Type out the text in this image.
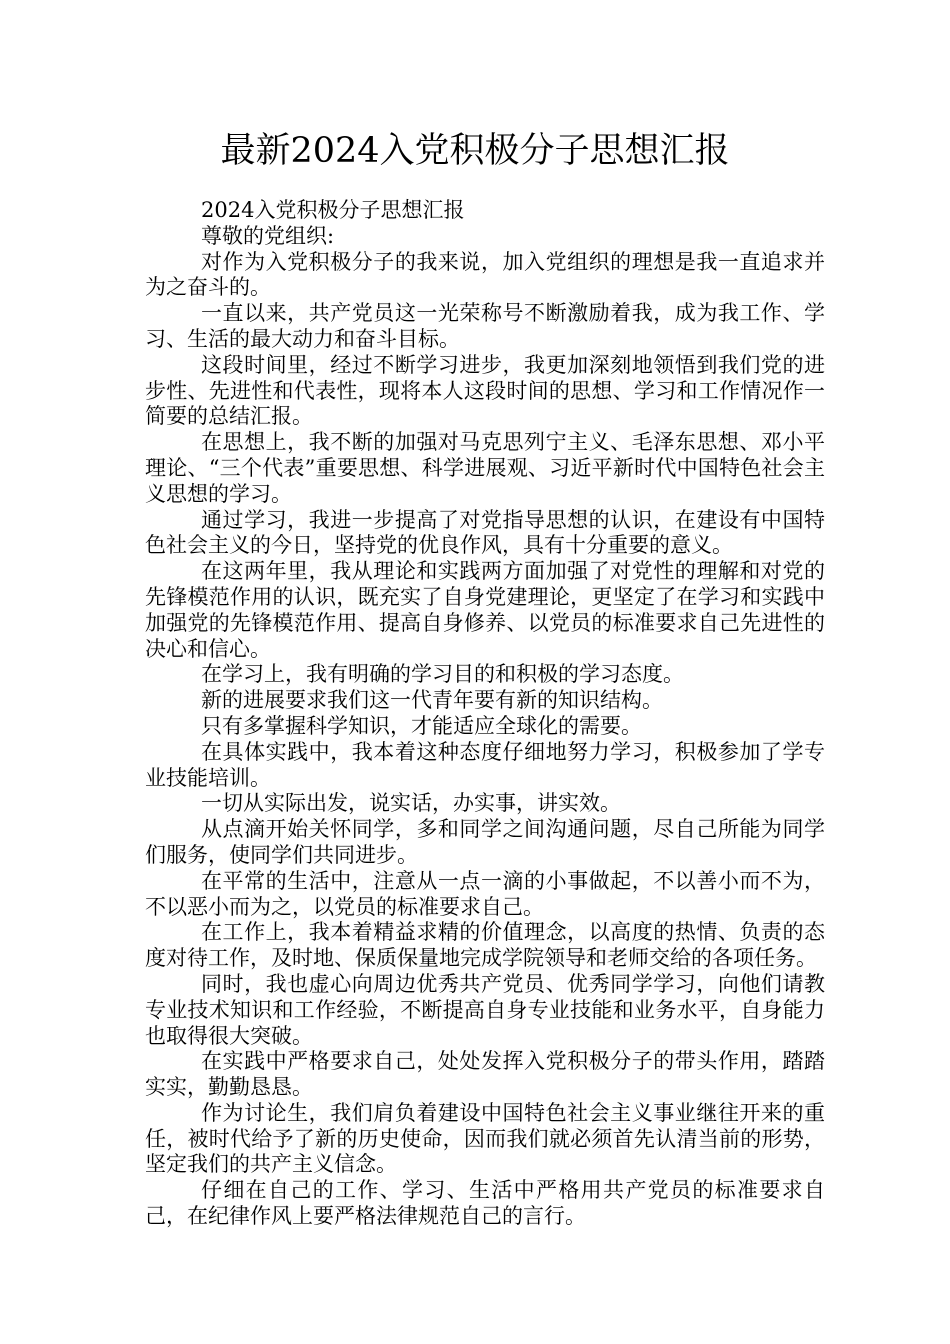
最新2024入党积极分子思想汇报

2024入党积极分子思想汇报

尊敬的党组织:

对作为入党积极分子的我来说，加入党组织的理想是我一直追求并为之奋斗的。

一直以来，共产党员这一光荣称号不断激励着我，成为我工作、学习、生活的最大动力和奋斗目标。

这段时间里，经过不断学习进步，我更加深刻地领悟到我们党的进步性、先进性和代表性，现将本人这段时间的思想、学习和工作情况作一简要的总结汇报。

在思想上，我不断的加强对马克思列宁主义、毛泽东思想、邓小平理论、“三个代表”重要思想、科学进展观、习近平新时代中国特色社会主义思想的学习。

通过学习，我进一步提高了对党指导思想的认识，在建设有中国特色社会主义的今日，坚持党的优良作风，具有十分重要的意义。

在这两年里，我从理论和实践两方面加强了对党性的理解和对党的先锋模范作用的认识，既充实了自身党建理论，更坚定了在学习和实践中加强党的先锋模范作用、提高自身修养、以党员的标准要求自己先进性的决心和信心。

在学习上，我有明确的学习目的和积极的学习态度。

新的进展要求我们这一代青年要有新的知识结构。

只有多掌握科学知识，才能适应全球化的需要。

在具体实践中，我本着这种态度仔细地努力学习，积极参加了学专业技能培训。

一切从实际出发，说实话，办实事，讲实效。

从点滴开始关怀同学，多和同学之间沟通问题，尽自己所能为同学们服务，使同学们共同进步。

在平常的生活中，注意从一点一滴的小事做起，不以善小而不为，不以恶小而为之，以党员的标准要求自己。

在工作上，我本着精益求精的价值理念，以高度的热情、负责的态度对待工作，及时地、保质保量地完成学院领导和老师交给的各项任务。

同时，我也虚心向周边优秀共产党员、优秀同学学习，向他们请教专业技术知识和工作经验，不断提高自身专业技能和业务水平，自身能力也取得很大突破。

在实践中严格要求自己，处处发挥入党积极分子的带头作用，踏踏实实，勤勤恳恳。

作为讨论生，我们肩负着建设中国特色社会主义事业继往开来的重任，被时代给予了新的历史使命，因而我们就必须首先认清当前的形势，坚定我们的共产主义信念。

仔细在自己的工作、学习、生活中严格用共产党员的标准要求自己，在纪律作风上要严格法律规范自己的言行。
